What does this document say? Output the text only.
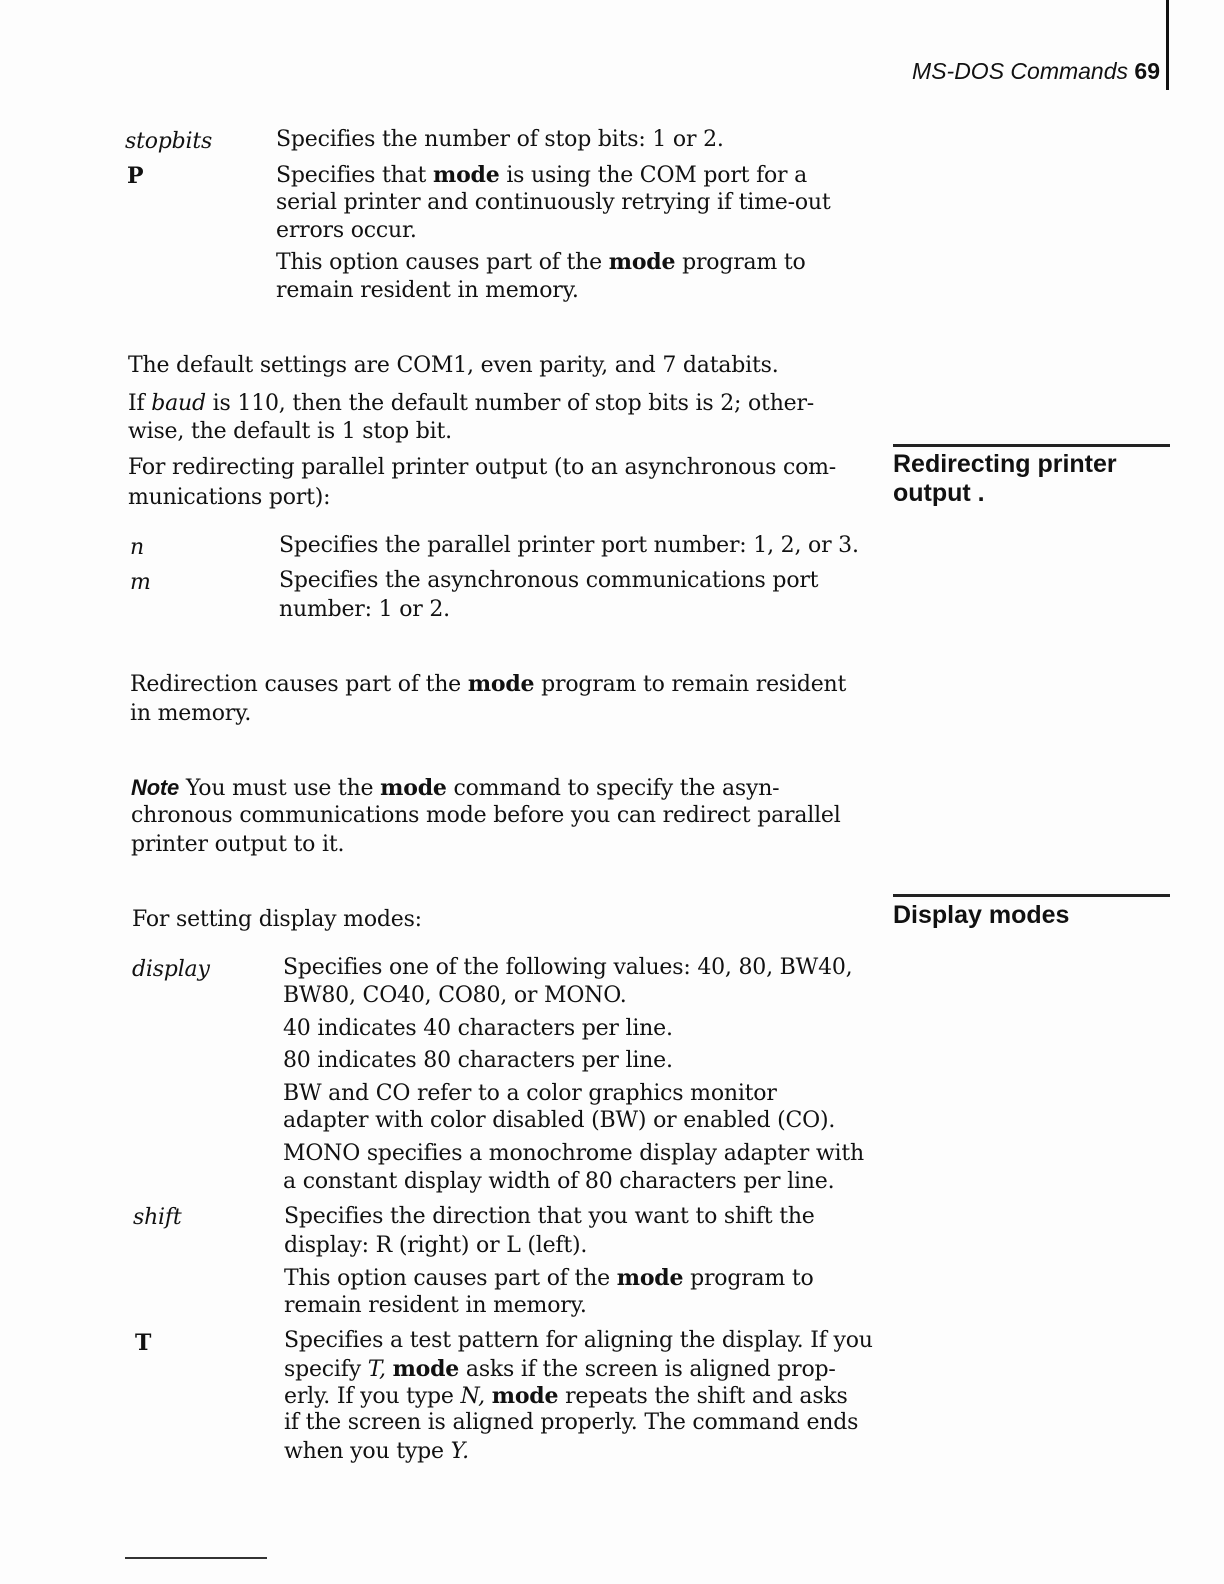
MS-DOS Commands 69
Redirecting printer
output .
Display modes
stopbits	Specifies the number of stop bits: 1 or 2.
P	Specifies that mode is using the COM port for a
serial printer and continuously retrying if time-out
errors occur.
This option causes part of the mode program to
remain resident in memory.
The default settings are COM1, even parity, and 7 databits.
If baud is 110, then the default number of stop bits is 2; other-
wise, the default is 1 stop bit.
For redirecting parallel printer output (to an asynchronous com-
munications port):
n	Specifies the parallel printer port number: 1, 2, or 3.
m	Specifies the asynchronous communications port
number: 1 or 2.
Redirection causes part of the mode program to remain resident
in memory.
Note You must use the mode command to specify the asyn-
chronous communications mode before you can redirect parallel
printer output to it.
For setting display modes:
display	Specifies one of the following values: 40, 80, BW40,
BW80, CO40, CO80, or MONO.
40 indicates 40 characters per line.
80 indicates 80 characters per line.
BW and CO refer to a color graphics monitor
adapter with color disabled (BW) or enabled (CO).
MONO specifies a monochrome display adapter with
a constant display width of 80 characters per line.
shift	Specifies the direction that you want to shift the
display: R (right) or L (left).
This option causes part of the mode program to
remain resident in memory.
T	Specifies a test pattern for aligning the display. If you
specify T, mode asks if the screen is aligned prop-
erly. If you type N, mode repeats the shift and asks
if the screen is aligned properly. The command ends
when you type Y.
